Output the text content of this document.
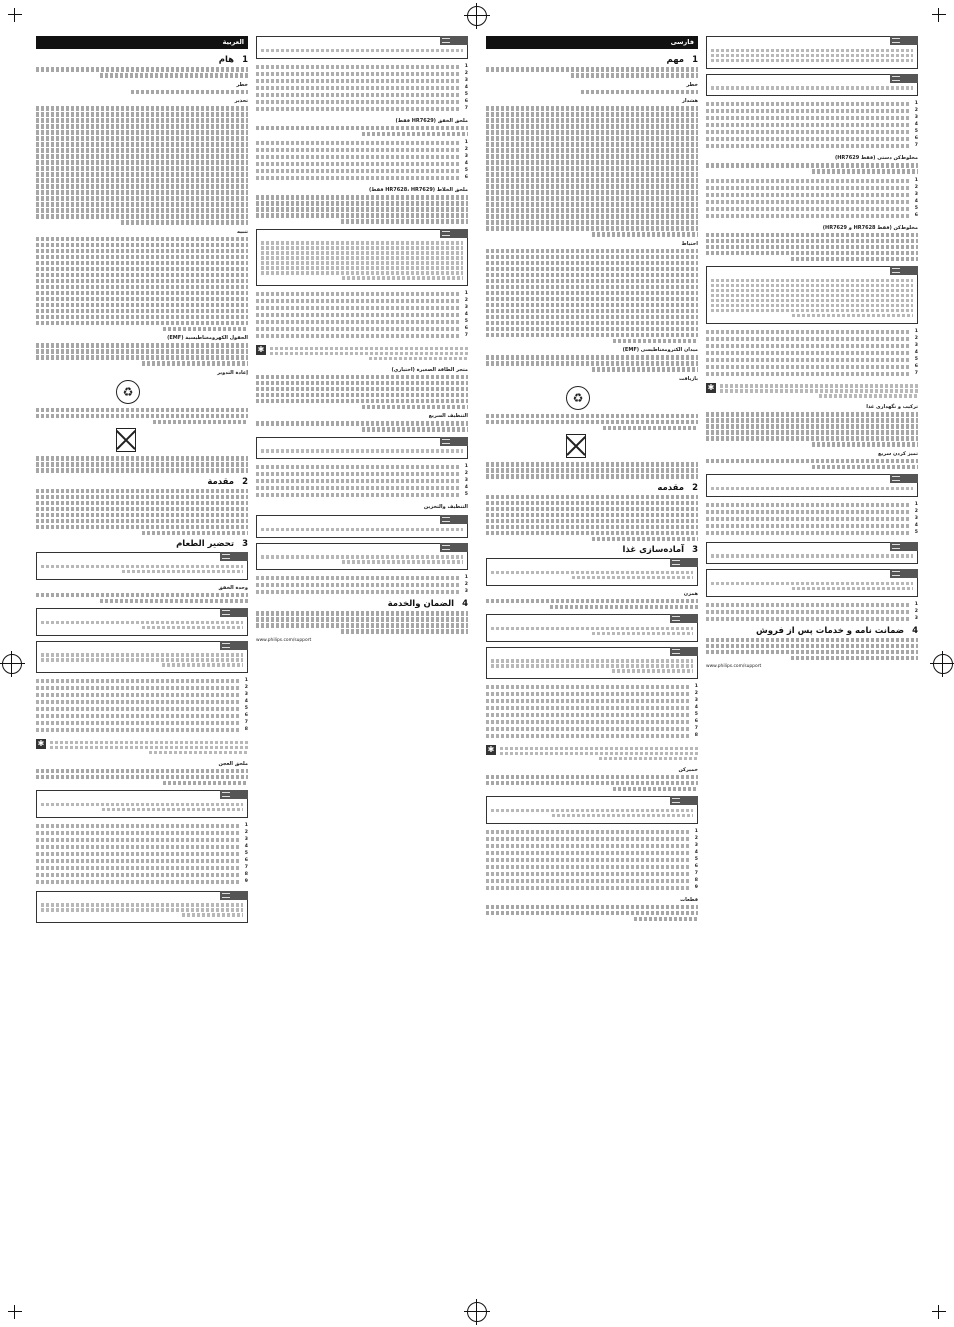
العربية
1هام
خطر
تحذير
تنبيه
الحقول الكهرومغناطيسية (EMF)
إعادة التدوير
♻
2مقدمة
3تحضير الطعام
وحدة الخفق
1
2
3
4
5
6
7
8
✱
ملحق العجن
1
2
3
4
5
6
7
8
9
1
2
3
4
5
6
7
ملحق الخفق (HR7629 فقط)
1
2
3
4
5
6
ملحق الخلاط (HR7628، HR7629 فقط)
1
2
3
4
5
6
7
✱
متجر الطاقة الصغيرة (اختياري)
التنظيف السريع
1
2
3
4
5
التنظيف والتخزين
1
2
3
4الضمان والخدمة
www.philips.com/support
فارسی
1مهم
خطر
هشدار
احتیاط
میدان الکترومغناطیسی (EMF)
بازیافت
♻
2مقدمه
3آماده‌سازی غذا
همزن
1
2
3
4
5
6
7
8
✱
خمیرکن
1
2
3
4
5
6
7
8
9
قطعات
1
2
3
4
5
6
7
مخلوط‌کن دستی (فقط HR7629)
1
2
3
4
5
6
مخلوط‌کن (فقط HR7628 و HR7629)
1
2
3
4
5
6
7
✱
ترکیب و نگهداری غذا
تمیز کردن سریع
1
2
3
4
5
1
2
3
4ضمانت نامه و خدمات پس از فروش
www.philips.com/support
